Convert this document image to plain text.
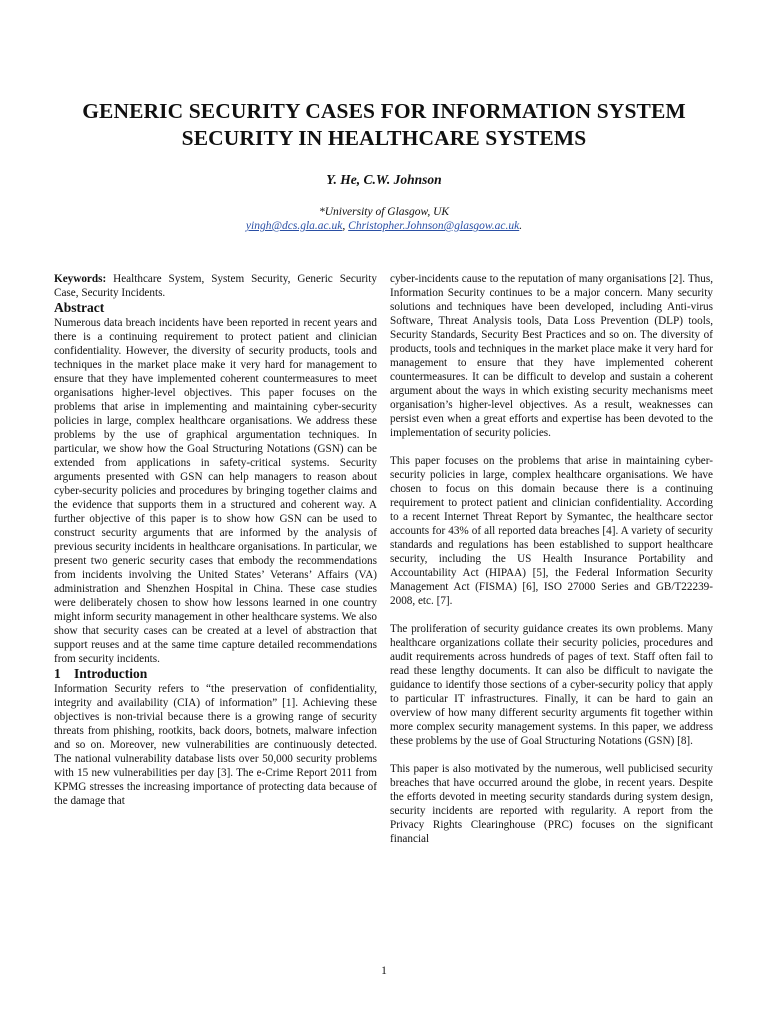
GENERIC SECURITY CASES FOR INFORMATION SYSTEM SECURITY IN HEALTHCARE SYSTEMS

Y. He, C.W. Johnson

*University of Glasgow, UK

yingh@dcs.gla.ac.uk, Christopher.Johnson@glasgow.ac.uk.

Keywords: Healthcare System, System Security, Generic Security Case, Security Incidents.

Abstract

Numerous data breach incidents have been reported in recent years and there is a continuing requirement to protect patient and clinician confidentiality. However, the diversity of security products, tools and techniques in the market place make it very hard for management to ensure that they have implemented coherent countermeasures to meet organisations higher-level objectives. This paper focuses on the problems that arise in implementing and maintaining cyber-security policies in large, complex healthcare organisations. We address these problems by the use of graphical argumentation techniques. In particular, we show how the Goal Structuring Notations (GSN) can be extended from applications in safety-critical systems. Security arguments presented with GSN can help managers to reason about cyber-security policies and procedures by bringing together claims and the evidence that supports them in a structured and coherent way. A further objective of this paper is to show how GSN can be used to construct security arguments that are informed by the analysis of previous security incidents in healthcare organisations. In particular, we present two generic security cases that embody the recommendations from incidents involving the United States’ Veterans’ Affairs (VA) administration and Shenzhen Hospital in China. These case studies were deliberately chosen to show how lessons learned in one country might inform security management in other healthcare systems. We also show that security cases can be created at a level of abstraction that support reuses and at the same time capture detailed recommendations from security incidents.

1 Introduction

Information Security refers to “the preservation of confidentiality, integrity and availability (CIA) of information” [1]. Achieving these objectives is non-trivial because there is a growing range of security threats from phishing, rootkits, back doors, botnets, malware infection and so on. Moreover, new vulnerabilities are continuously detected. The national vulnerability database lists over 50,000 security problems with 15 new vulnerabilities per day [3]. The e-Crime Report 2011 from KPMG stresses the increasing importance of protecting data because of the damage that

cyber-incidents cause to the reputation of many organisations [2]. Thus, Information Security continues to be a major concern. Many security solutions and techniques have been developed, including Anti-virus Software, Threat Analysis tools, Data Loss Prevention (DLP) tools, Security Standards, Security Best Practices and so on. The diversity of products, tools and techniques in the market place make it very hard for management to ensure that they have implemented coherent countermeasures. It can be difficult to develop and sustain a coherent argument about the ways in which existing security mechanisms meet organisation’s higher-level objectives. As a result, weaknesses can persist even when a great efforts and expertise has been devoted to the implementation of security policies.

This paper focuses on the problems that arise in maintaining cyber-security policies in large, complex healthcare organisations. We have chosen to focus on this domain because there is a continuing requirement to protect patient and clinician confidentiality. According to a recent Internet Threat Report by Symantec, the healthcare sector accounts for 43% of all reported data breaches [4]. A variety of security standards and regulations has been established to support healthcare security, including the US Health Insurance Portability and Accountability Act (HIPAA) [5], the Federal Information Security Management Act (FISMA) [6], ISO 27000 Series and GB/T22239-2008, etc. [7].

The proliferation of security guidance creates its own problems. Many healthcare organizations collate their security policies, procedures and audit requirements across hundreds of pages of text. Staff often fail to read these lengthy documents. It can also be difficult to navigate the guidance to identify those sections of a cyber-security policy that apply to particular IT infrastructures. Finally, it can be hard to gain an overview of how many different security arguments fit together within more complex security management systems. In this paper, we address these problems by the use of Goal Structuring Notations (GSN) [8].

This paper is also motivated by the numerous, well publicised security breaches that have occurred around the globe, in recent years. Despite the efforts devoted in meeting security standards during system design, security incidents are reported with regularity. A report from the Privacy Rights Clearinghouse (PRC) focuses on the significant financial

1
